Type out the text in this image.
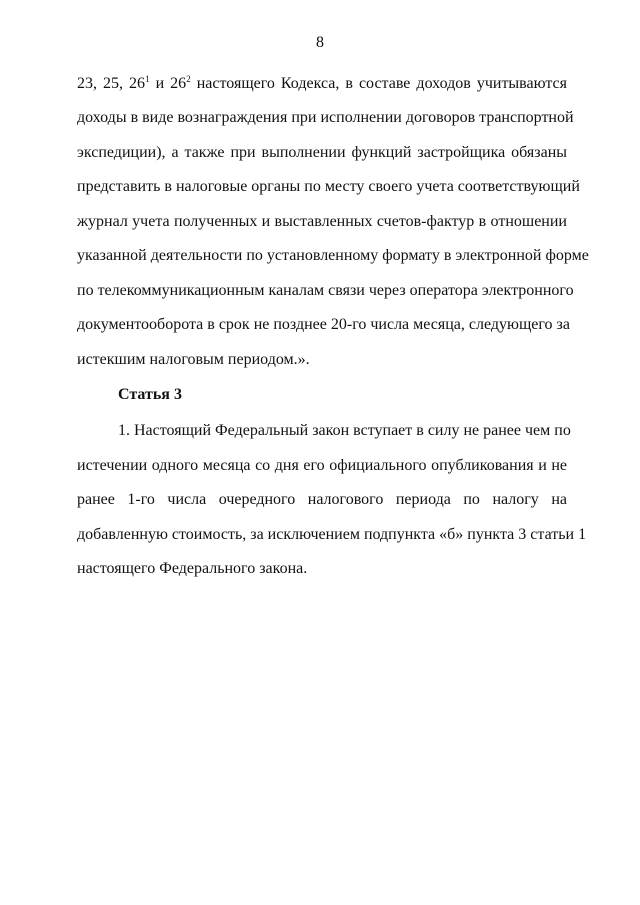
8
23, 25, $26^1$ и $26^2$ настоящего Кодекса, в составе доходов учитываются
доходы в виде вознаграждения при исполнении договоров транспортной
экспедиции), а также при выполнении функций застройщика обязаны
представить в налоговые органы по месту своего учета соответствующий
журнал учета полученных и выставленных счетов-фактур в отношении
указанной деятельности по установленному формату в электронной форме
по телекоммуникационным каналам связи через оператора электронного
документооборота в срок не позднее 20-го числа месяца, следующего за
истекшим налоговым периодом.».
Статья 3
1. Настоящий Федеральный закон вступает в силу не ранее чем по
истечении одного месяца со дня его официального опубликования и не
ранее 1-го числа очередного налогового периода по налогу на
добавленную стоимость, за исключением подпункта «б» пункта 3 статьи 1
настоящего Федерального закона.
